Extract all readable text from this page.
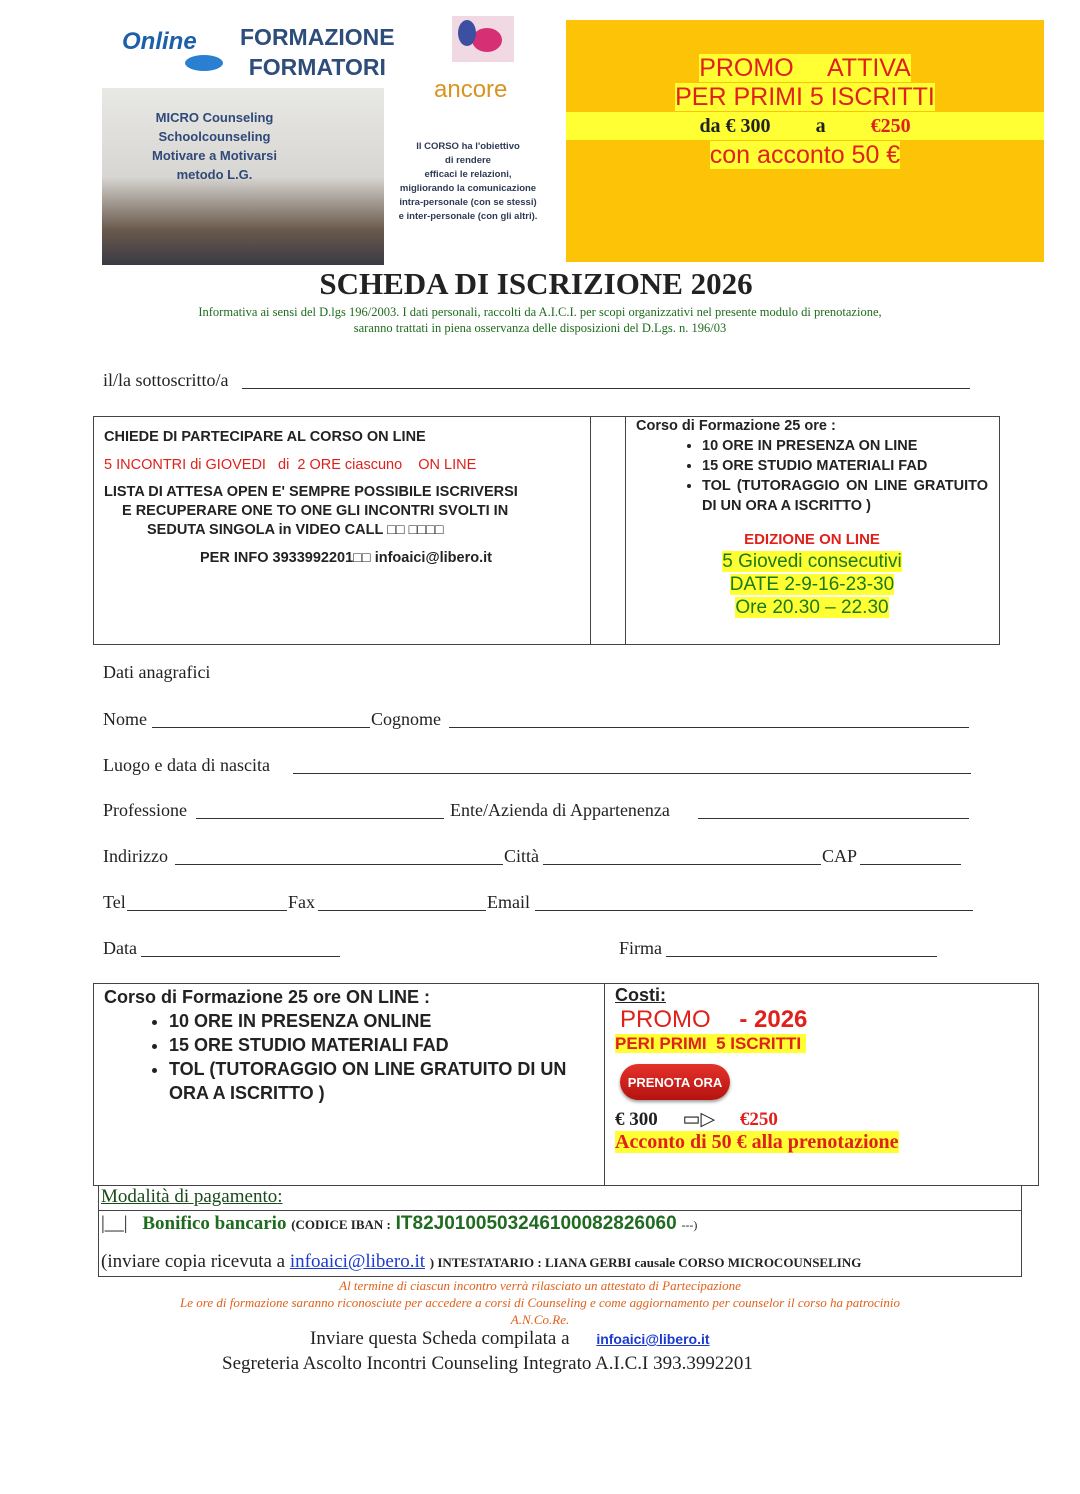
Online FORMAZIONE
FORMATORI
ancore
MICRO Counseling
Schoolcounseling
Motivare a Motivarsi
metodo L.G.
Il CORSO ha l'obiettivo
di rendere
efficaci le relazioni,
migliorando la comunicazione
intra-personale (con se stessi)
e inter-personale (con gli altri).
PROMO     ATTIVA
PER PRIMI 5 ISCRITTI
da € 300 a €250
con acconto 50 €
SCHEDA DI ISCRIZIONE 2026
Informativa ai sensi del D.lgs 196/2003. I dati personali, raccolti da A.I.C.I. per scopi organizzativi nel presente modulo di prenotazione,
saranno trattati in piena osservanza delle disposizioni del D.Lgs. n. 196/03
il/la sottoscritto/a
CHIEDE DI PARTECIPARE AL CORSO ON LINE
5 INCONTRI di GIOVEDI   di  2 ORE ciascuno    ON LINE
LISTA DI ATTESA OPEN E' SEMPRE POSSIBILE ISCRIVERSI
E RECUPERARE ONE TO ONE GLI INCONTRI SVOLTI IN
SEDUTA SINGOLA in VIDEO CALL □□ □□□□
PER INFO 3933992201□□ infoaici@libero.it
Corso di Formazione 25 ore :
• 10 ORE IN PRESENZA ON LINE
• 15 ORE STUDIO MATERIALI FAD
• TOL (TUTORAGGIO ON LINE GRATUITO DI UN ORA A ISCRITTO )
EDIZIONE ON LINE
5 Giovedi consecutivi
DATE 2-9-16-23-30
Ore 20.30 – 22.30
Dati anagrafici
Nome	Cognome
Luogo e data di nascita
Professione	Ente/Azienda di Appartenenza
Indirizzo	Città	CAP
Tel	Fax	Email
Data	Firma
Corso di Formazione 25 ore ON LINE :
• 10 ORE IN PRESENZA ONLINE
• 15 ORE STUDIO MATERIALI FAD
• TOL (TUTORAGGIO ON LINE GRATUITO DI UN ORA A ISCRITTO )
Costi:
PROMO - 2026
PERI PRIMI  5 ISCRITTI
PRENOTA ORA
€ 300 ▭▷ €250
Acconto di 50 € alla prenotazione
Modalità di pagamento:
|__| Bonifico bancario (CODICE IBAN : IT82J0100503246100082826060 ---)
(inviare copia ricevuta a infoaici@libero.it ) INTESTATARIO : LIANA GERBI causale CORSO MICROCOUNSELING
Al termine di ciascun incontro verrà rilasciato un attestato di Partecipazione
Le ore di formazione saranno riconosciute per accedere a corsi di Counseling e come aggiornamento per counselor il corso ha patrocinio
A.N.Co.Re.
Inviare questa Scheda compilata a infoaici@libero.it
Segreteria Ascolto Incontri Counseling Integrato A.I.C.I 393.3992201
